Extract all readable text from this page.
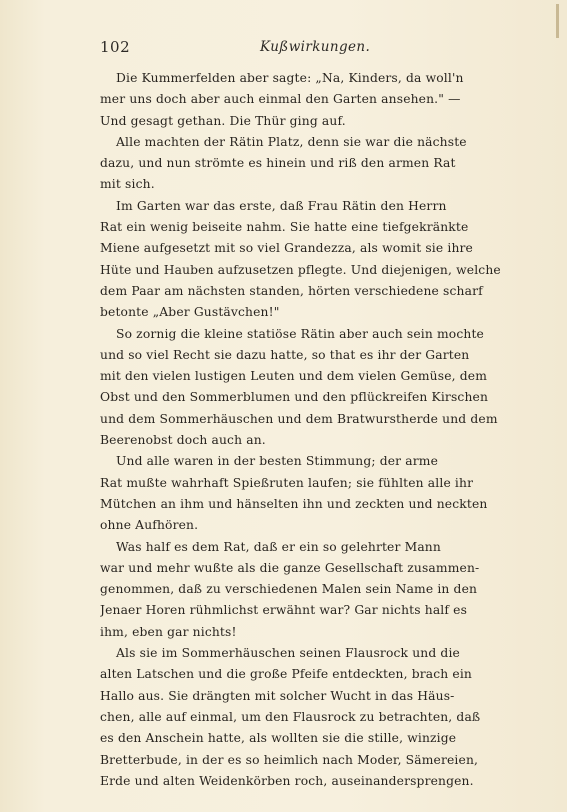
102	Kußwirkungen.
Die Kummerfelden aber sagte: „Na, Kinders, da woll'n
mer uns doch aber auch einmal den Garten ansehen." —
Und gesagt gethan. Die Thür ging auf.
Alle machten der Rätin Platz, denn sie war die nächste
dazu, und nun strömte es hinein und riß den armen Rat
mit sich.
Im Garten war das erste, daß Frau Rätin den Herrn
Rat ein wenig beiseite nahm. Sie hatte eine tiefgekränkte
Miene aufgesetzt mit so viel Grandezza, als womit sie ihre
Hüte und Hauben aufzusetzen pflegte. Und diejenigen, welche
dem Paar am nächsten standen, hörten verschiedene scharf
betonte „Aber Gustävchen!"
So zornig die kleine statiöse Rätin aber auch sein mochte
und so viel Recht sie dazu hatte, so that es ihr der Garten
mit den vielen lustigen Leuten und dem vielen Gemüse, dem
Obst und den Sommerblumen und den pflückreifen Kirschen
und dem Sommerhäuschen und dem Bratwurstherde und dem
Beerenobst doch auch an.
Und alle waren in der besten Stimmung; der arme
Rat mußte wahrhaft Spießruten laufen; sie fühlten alle ihr
Mütchen an ihm und hänselten ihn und zeckten und neckten
ohne Aufhören.
Was half es dem Rat, daß er ein so gelehrter Mann
war und mehr wußte als die ganze Gesellschaft zusammen-
genommen, daß zu verschiedenen Malen sein Name in den
Jenaer Horen rühmlichst erwähnt war? Gar nichts half es
ihm, eben gar nichts!
Als sie im Sommerhäuschen seinen Flausrock und die
alten Latschen und die große Pfeife entdeckten, brach ein
Hallo aus. Sie drängten mit solcher Wucht in das Häus-
chen, alle auf einmal, um den Flausrock zu betrachten, daß
es den Anschein hatte, als wollten sie die stille, winzige
Bretterbude, in der es so heimlich nach Moder, Sämereien,
Erde und alten Weidenkörben roch, auseinandersprengen.
